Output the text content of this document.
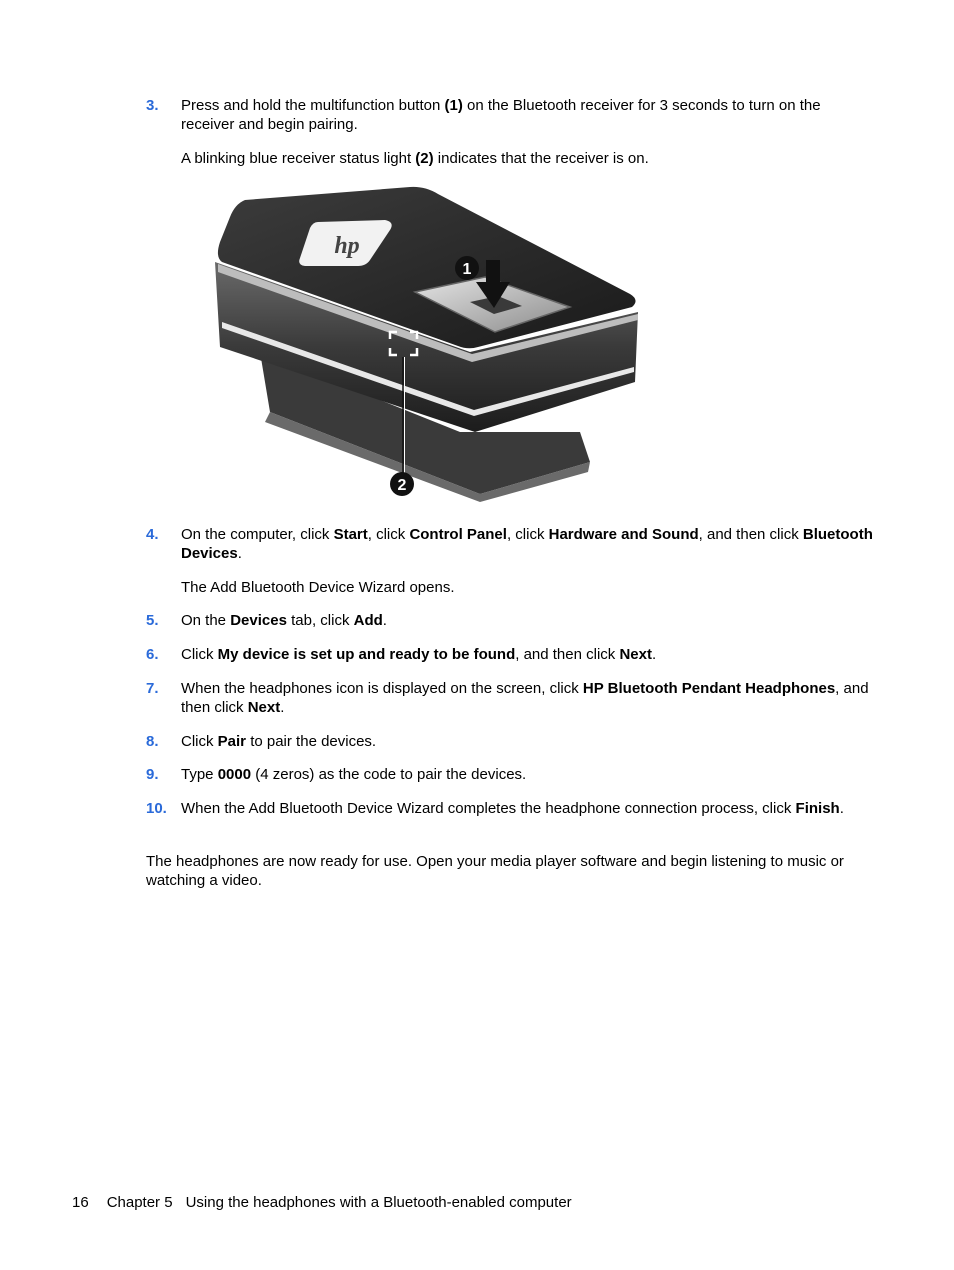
3. Press and hold the multifunction button (1) on the Bluetooth receiver for 3 seconds to turn on the receiver and begin pairing.
A blinking blue receiver status light (2) indicates that the receiver is on.
hp
1
2
4. On the computer, click Start, click Control Panel, click Hardware and Sound, and then click Bluetooth Devices.
The Add Bluetooth Device Wizard opens.
5. On the Devices tab, click Add.
6. Click My device is set up and ready to be found, and then click Next.
7. When the headphones icon is displayed on the screen, click HP Bluetooth Pendant Headphones, and then click Next.
8. Click Pair to pair the devices.
9. Type 0000 (4 zeros) as the code to pair the devices.
10. When the Add Bluetooth Device Wizard completes the headphone connection process, click Finish.
The headphones are now ready for use. Open your media player software and begin listening to music or watching a video.
16 Chapter 5 Using the headphones with a Bluetooth-enabled computer
